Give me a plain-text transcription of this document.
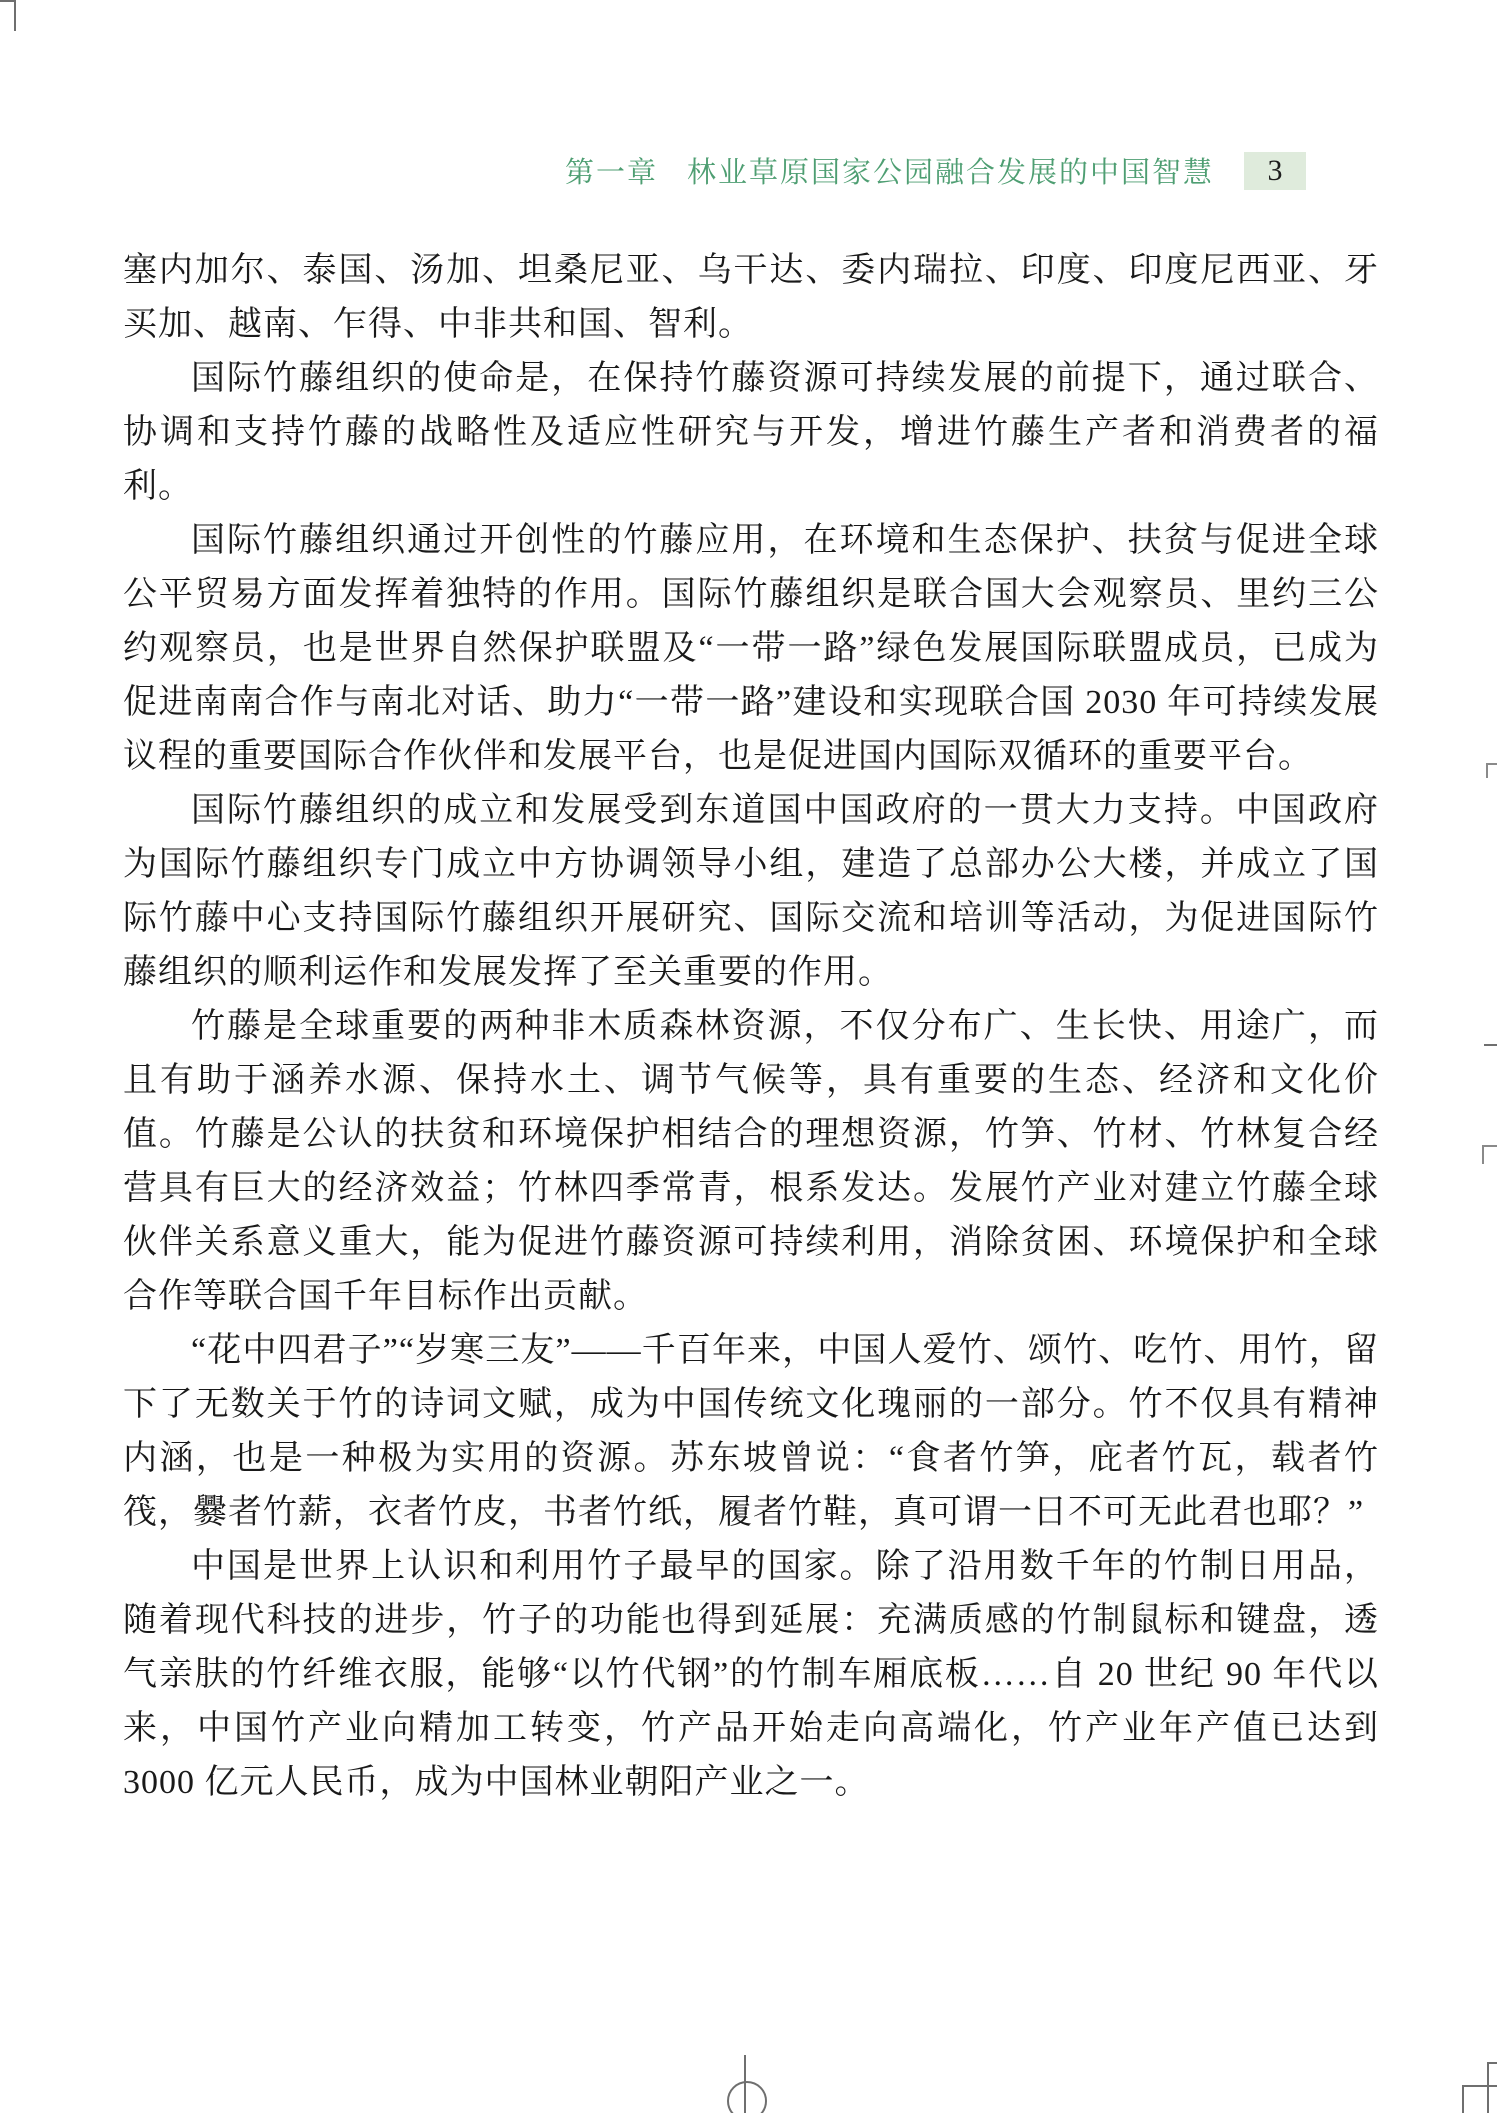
第一章 林业草原国家公园融合发展的中国智慧 3

塞内加尔、泰国、汤加、坦桑尼亚、乌干达、委内瑞拉、印度、印度尼西亚、牙买加、越南、乍得、中非共和国、智利。

国际竹藤组织的使命是，在保持竹藤资源可持续发展的前提下，通过联合、协调和支持竹藤的战略性及适应性研究与开发，增进竹藤生产者和消费者的福利。

国际竹藤组织通过开创性的竹藤应用，在环境和生态保护、扶贫与促进全球公平贸易方面发挥着独特的作用。国际竹藤组织是联合国大会观察员、里约三公约观察员，也是世界自然保护联盟及“一带一路”绿色发展国际联盟成员，已成为促进南南合作与南北对话、助力“一带一路”建设和实现联合国 2030 年可持续发展议程的重要国际合作伙伴和发展平台，也是促进国内国际双循环的重要平台。

国际竹藤组织的成立和发展受到东道国中国政府的一贯大力支持。中国政府为国际竹藤组织专门成立中方协调领导小组，建造了总部办公大楼，并成立了国际竹藤中心支持国际竹藤组织开展研究、国际交流和培训等活动，为促进国际竹藤组织的顺利运作和发展发挥了至关重要的作用。

竹藤是全球重要的两种非木质森林资源，不仅分布广、生长快、用途广，而且有助于涵养水源、保持水土、调节气候等，具有重要的生态、经济和文化价值。竹藤是公认的扶贫和环境保护相结合的理想资源，竹笋、竹材、竹林复合经营具有巨大的经济效益；竹林四季常青，根系发达。发展竹产业对建立竹藤全球伙伴关系意义重大，能为促进竹藤资源可持续利用，消除贫困、环境保护和全球合作等联合国千年目标作出贡献。

“花中四君子”“岁寒三友”——千百年来，中国人爱竹、颂竹、吃竹、用竹，留下了无数关于竹的诗词文赋，成为中国传统文化瑰丽的一部分。竹不仅具有精神内涵，也是一种极为实用的资源。苏东坡曾说：“食者竹笋，庇者竹瓦，载者竹筏，爨者竹薪，衣者竹皮，书者竹纸，履者竹鞋，真可谓一日不可无此君也耶？”

中国是世界上认识和利用竹子最早的国家。除了沿用数千年的竹制日用品，随着现代科技的进步，竹子的功能也得到延展：充满质感的竹制鼠标和键盘，透气亲肤的竹纤维衣服，能够“以竹代钢”的竹制车厢底板……自 20 世纪 90 年代以来，中国竹产业向精加工转变，竹产品开始走向高端化，竹产业年产值已达到 3000 亿元人民币，成为中国林业朝阳产业之一。
